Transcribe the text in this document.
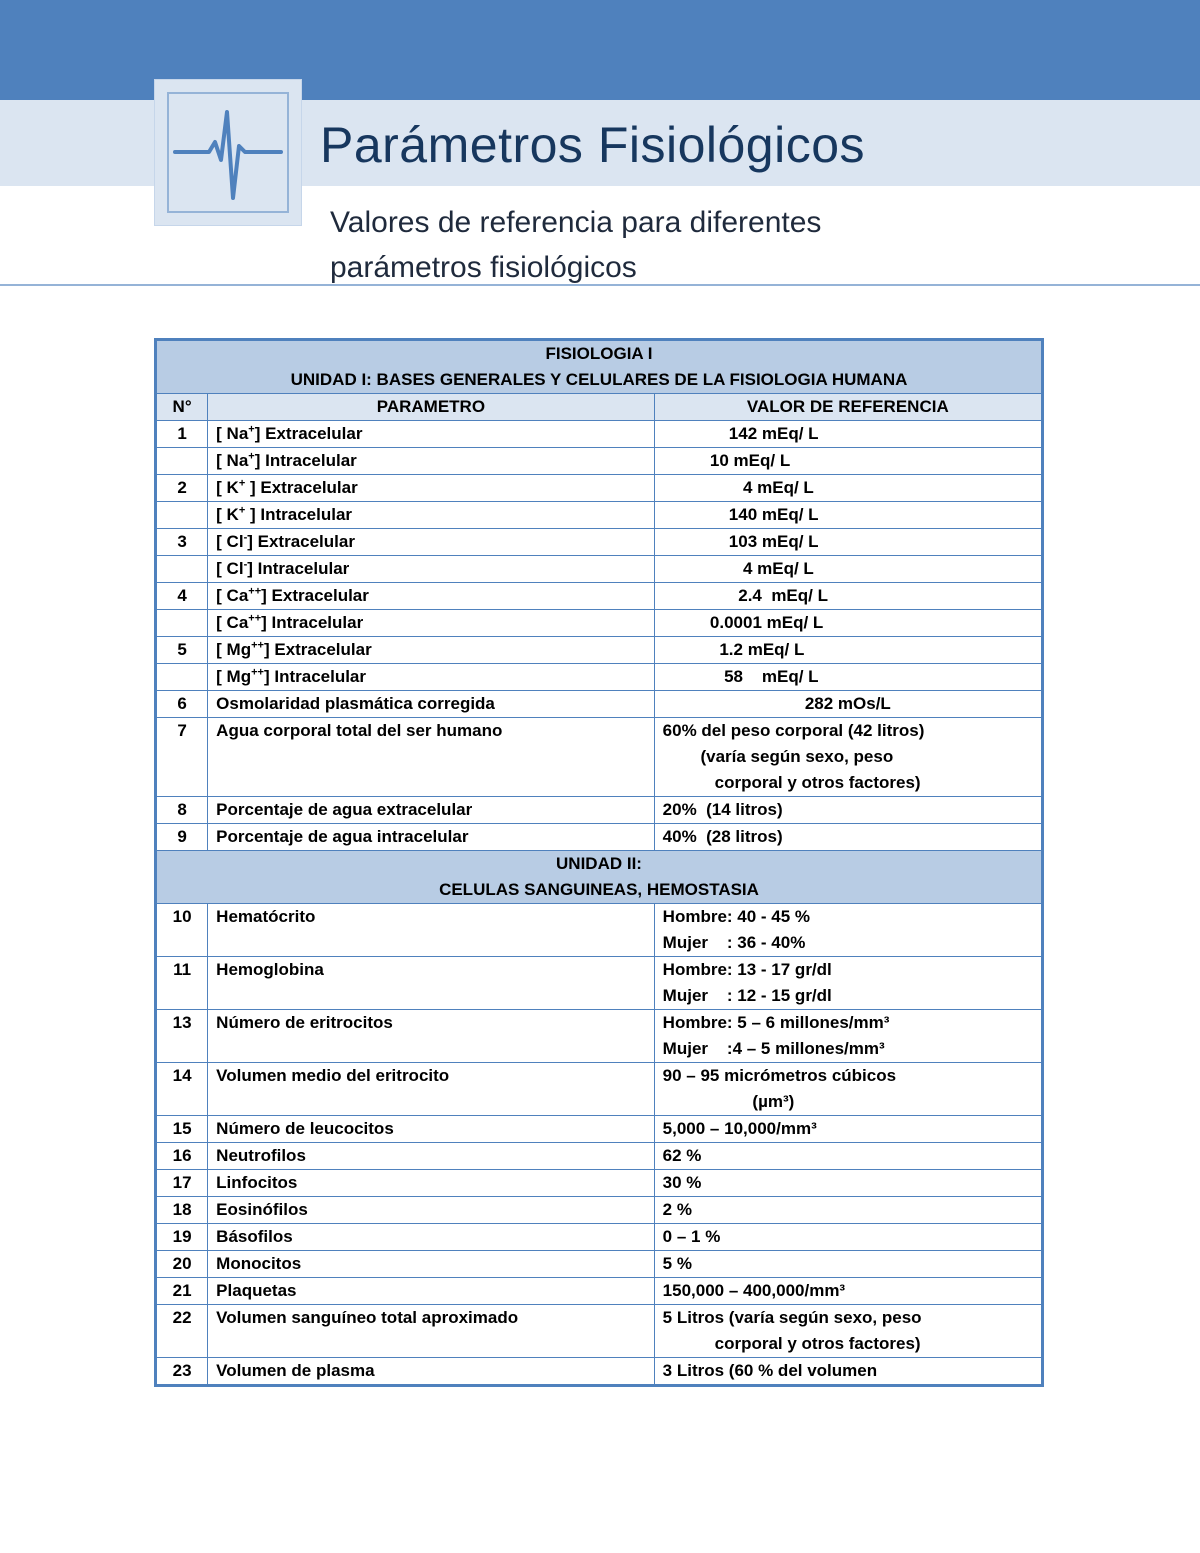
Parámetros Fisiológicos

Valores de referencia para diferentes parámetros fisiológicos

FISIOLOGIA I
UNIDAD I: BASES GENERALES Y CELULARES DE LA FISIOLOGIA HUMANA		

N°	PARAMETRO	VALOR DE REFERENCIA
1	[ Na+] Extracelular	142 mEq/ L
	[ Na+] Intracelular	10 mEq/ L
2	[ K+ ] Extracelular	4 mEq/ L
	[ K+ ] Intracelular	140 mEq/ L
3	[ Cl-] Extracelular	103 mEq/ L
	[ Cl-] Intracelular	4 mEq/ L
4	[ Ca++] Extracelular	2.4  mEq/ L
	[ Ca++] Intracelular	0.0001 mEq/ L
5	[ Mg++] Extracelular	1.2 mEq/ L
	[ Mg++] Intracelular	58    mEq/ L
6	Osmolaridad plasmática corregida	282 mOs/L
7	Agua corporal total del ser humano	60% del peso corporal (42 litros)
(varía según sexo, peso
corporal y otros factores)
8	Porcentaje de agua extracelular	20%  (14 litros)
9	Porcentaje de agua intracelular	40%  (28 litros)

UNIDAD II:
CELULAS SANGUINEAS, HEMOSTASIA		

10	Hematócrito	Hombre: 40 - 45 %
Mujer    : 36 - 40%
11	Hemoglobina	Hombre: 13 - 17 gr/dl
Mujer    : 12 - 15 gr/dl
13	Número de eritrocitos	Hombre: 5 – 6 millones/mm³
Mujer    :4 – 5 millones/mm³
14	Volumen medio del eritrocito	90 – 95 micrómetros cúbicos
(µm³)
15	Número de leucocitos	5,000 – 10,000/mm³
16	Neutrofilos	62 %
17	Linfocitos	30 %
18	Eosinófilos	2 %
19	Básofilos	0 – 1 %
20	Monocitos	5 %
21	Plaquetas	150,000 – 400,000/mm³
22	Volumen sanguíneo total aproximado	5 Litros (varía según sexo, peso
corporal y otros factores)
23	Volumen de plasma	3 Litros (60 % del volumen
